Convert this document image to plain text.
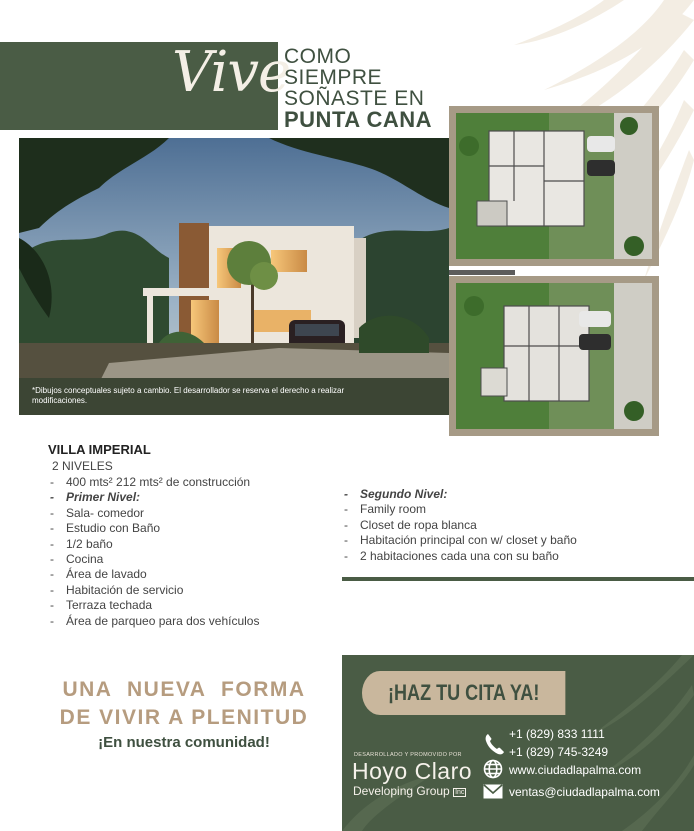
Vive
COMO
SIEMPRE
SOÑASTE EN
PUNTA CANA
*Dibujos conceptuales sujeto a cambio. El desarrollador se reserva el derecho a realizar modificaciones.
VILLA IMPERIAL
2 NIVELES
- 400 mts² 212 mts² de construcción
- Primer Nivel:
- Sala- comedor
- Estudio con Baño
- 1/2 baño
- Cocina
- Área de lavado
- Habitación de servicio
- Terraza techada
- Área de parqueo para dos vehículos
- Segundo Nivel:
- Family room
- Closet de ropa blanca
- Habitación principal con w/ closet y baño
- 2 habitaciones cada una con su baño
UNA NUEVA FORMA
DE VIVIR A PLENITUD
¡En nuestra comunidad!
¡HAZ TU CITA YA!
DESARROLLADO Y PROMOVIDO POR
Hoyo Claro
Developing Group Inc
+1 (829) 833 1111
+1 (829) 745-3249
www.ciudadlapalma.com
ventas@ciudadlapalma.com
